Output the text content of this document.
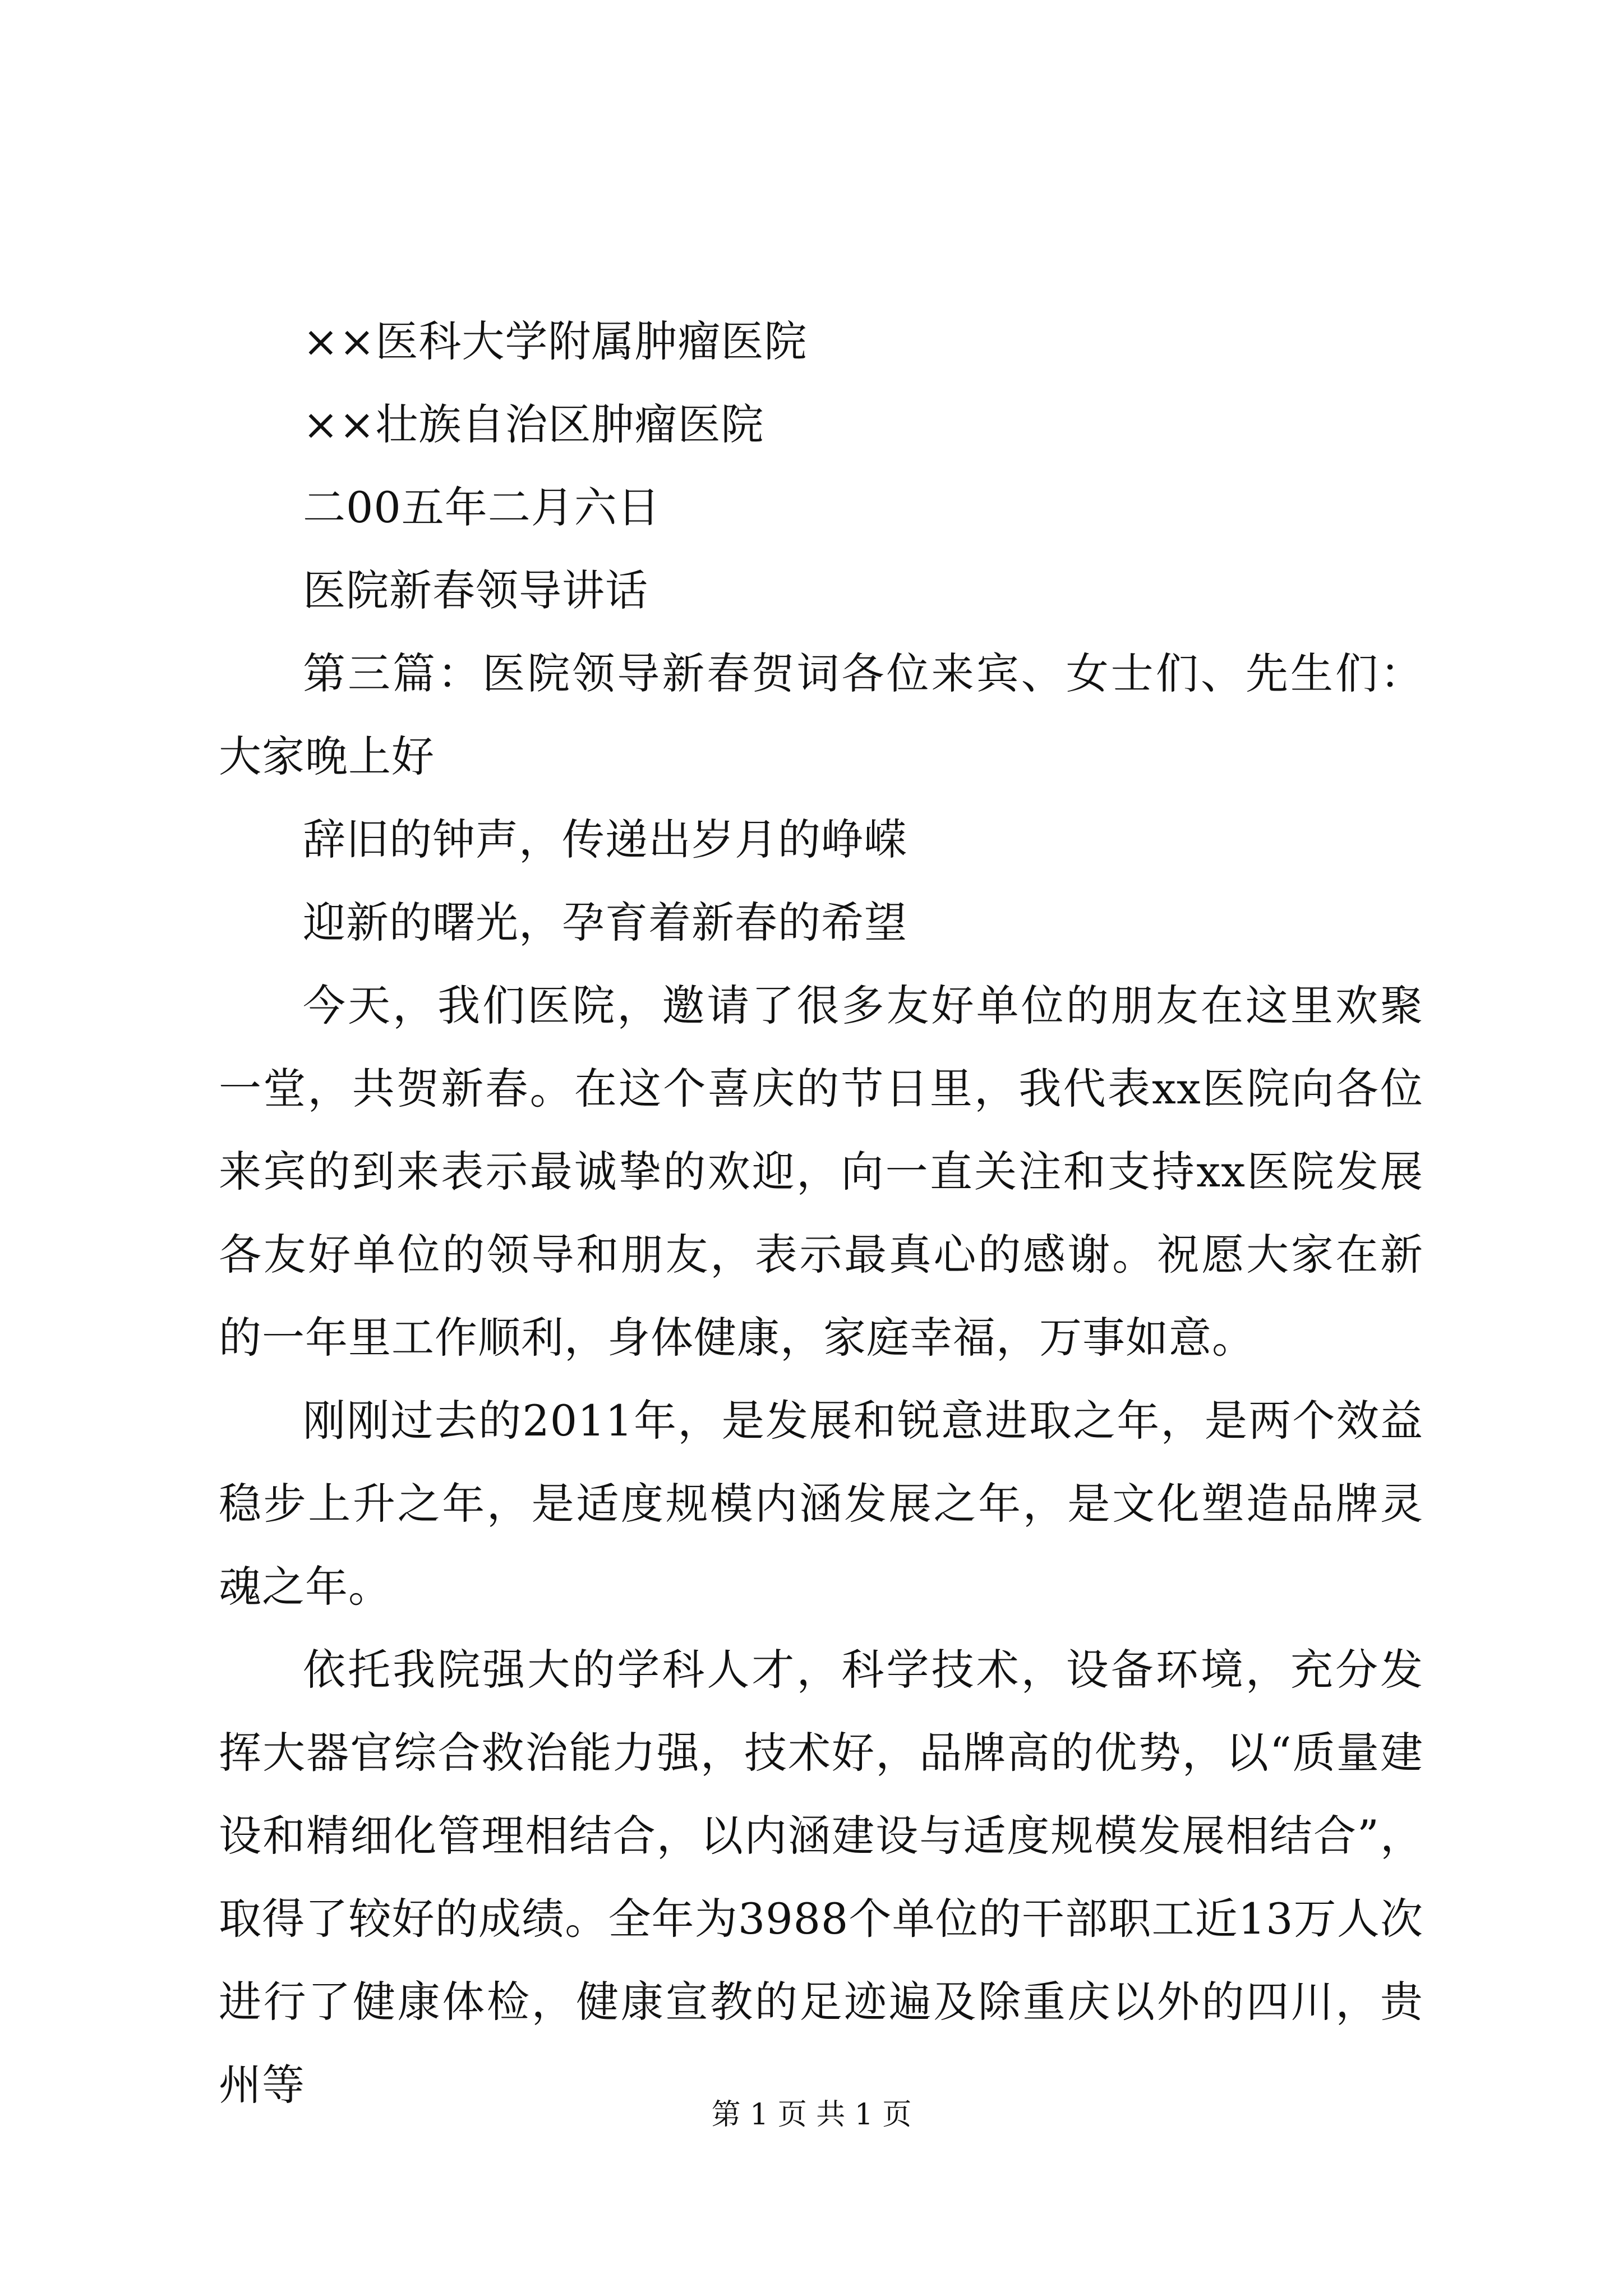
××医科大学附属肿瘤医院

××壮族自治区肿瘤医院

二00五年二月六日

医院新春领导讲话

第三篇：医院领导新春贺词各位来宾、女士们、先生们：大家晚上好

辞旧的钟声，传递出岁月的峥嵘

迎新的曙光，孕育着新春的希望

今天，我们医院，邀请了很多友好单位的朋友在这里欢聚一堂，共贺新春。在这个喜庆的节日里，我代表xx医院向各位来宾的到来表示最诚挚的欢迎，向一直关注和支持xx医院发展各友好单位的领导和朋友，表示最真心的感谢。祝愿大家在新的一年里工作顺利，身体健康，家庭幸福，万事如意。

刚刚过去的2011年，是发展和锐意进取之年，是两个效益稳步上升之年，是适度规模内涵发展之年，是文化塑造品牌灵魂之年。

依托我院强大的学科人才，科学技术，设备环境，充分发挥大器官综合救治能力强，技术好，品牌高的优势，以“质量建设和精细化管理相结合，以内涵建设与适度规模发展相结合”，取得了较好的成绩。全年为3988个单位的干部职工近13万人次进行了健康体检，健康宣教的足迹遍及除重庆以外的四川，贵州等

第 1 页 共 1 页
